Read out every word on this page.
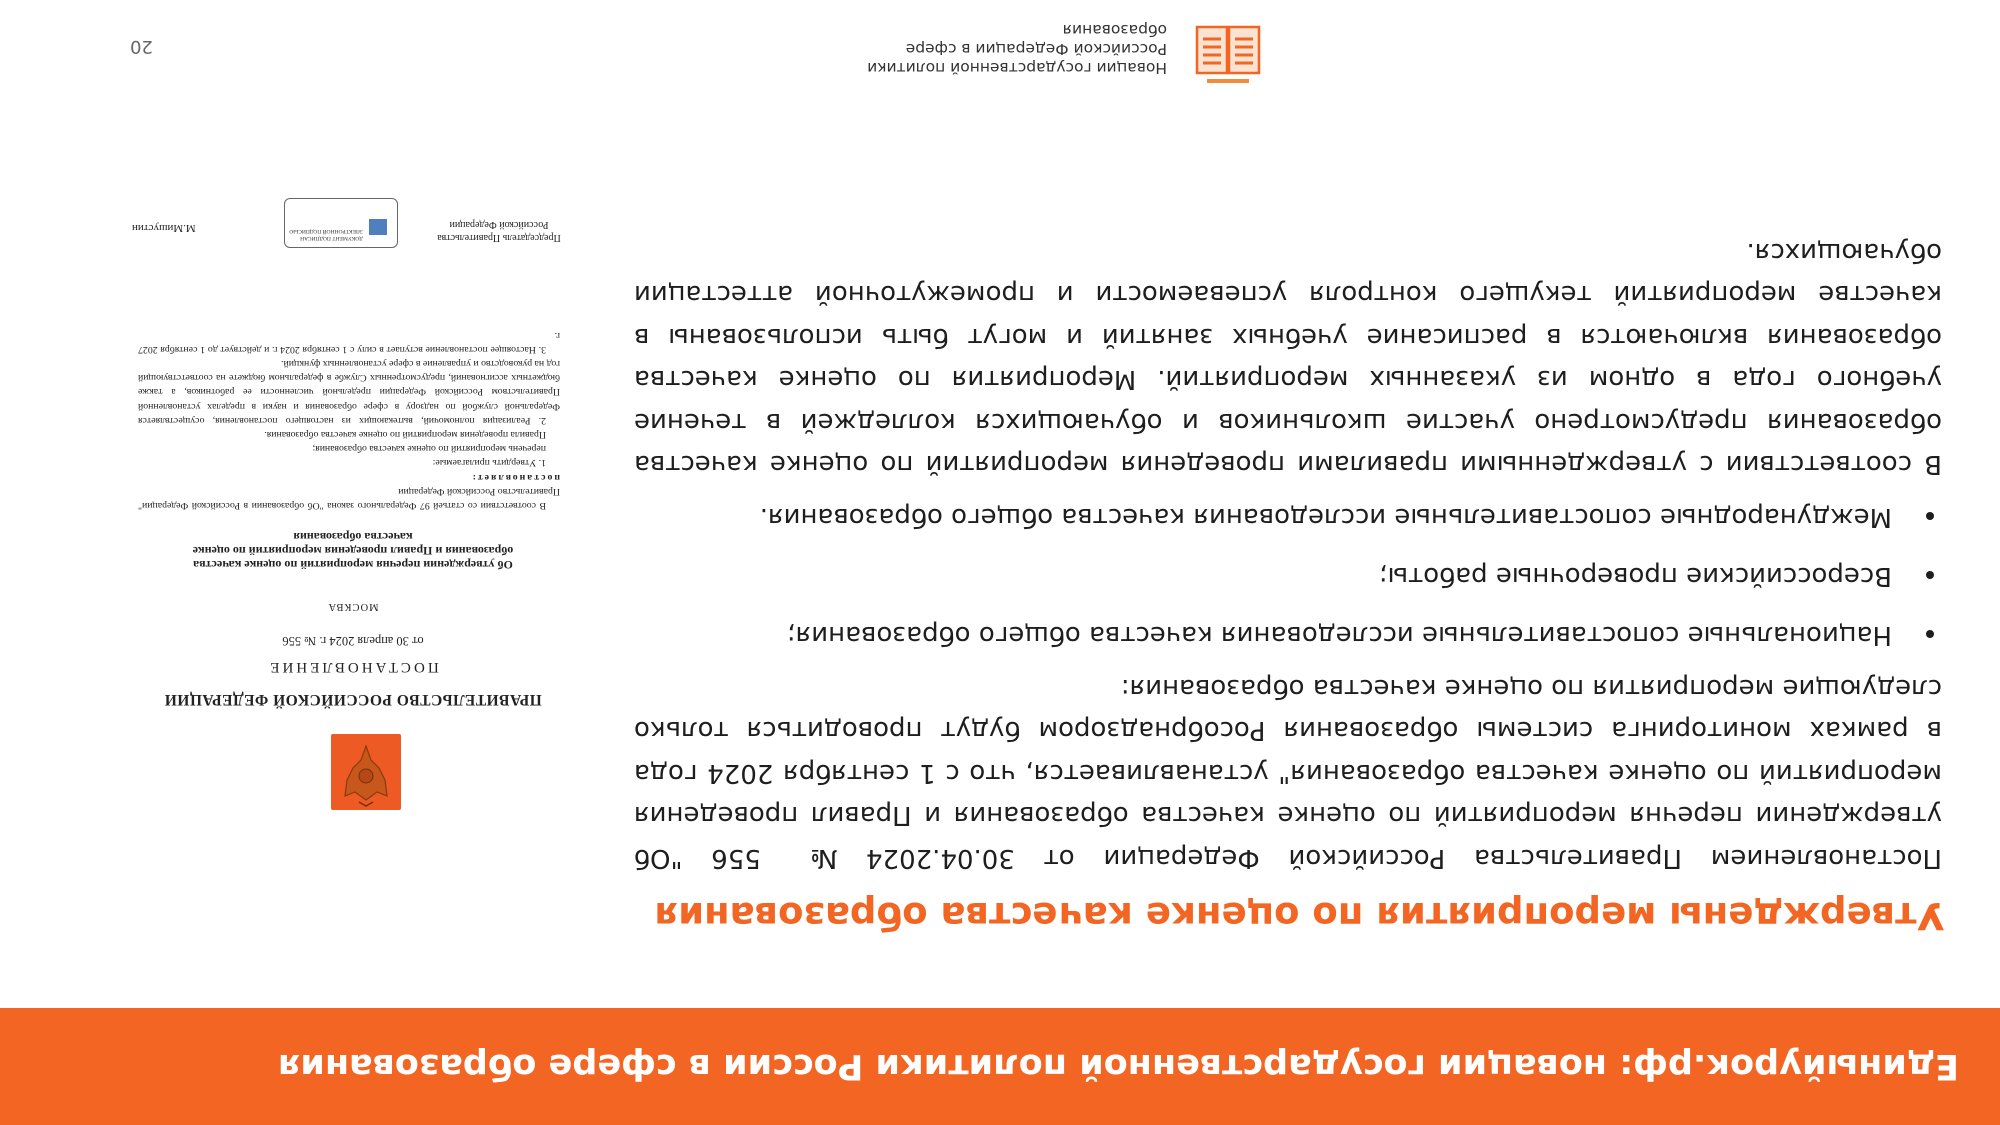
Единыйурок.рф: новации государственной политики России в сфере образования
Утверждены мероприятия по оценке качества образования

Постановлением Правительства Российской Федерации от 30.04.2024 № 556 "Об утверждении перечня мероприятий по оценке качества образования и Правил проведения мероприятий по оценке качества образования" устанавливается, что с 1 сентября 2024 года в рамках мониторинга системы образования Рособрнадзором будут проводиться только следующие мероприятия по оценке качества образования:

Национальные сопоставительные исследования качества общего образования;
Всероссийские проверочные работы;
Международные сопоставительные исследования качества общего образования.

В соответствии с утвержденными правилами проведения мероприятий по оценке качества образования предусмотрено участие школьников и обучающихся колледжей в течение учебного года в одном из указанных мероприятий. Мероприятия по оценке качества образования включаются в расписание учебных занятий и могут быть использованы в качестве мероприятий текущего контроля успеваемости и промежуточной аттестации обучающихся.

ПРАВИТЕЛЬСТВО РОССИЙСКОЙ ФЕДЕРАЦИИ
ПОСТАНОВЛЕНИЕ
от 30 апреля 2024 г. № 556
МОСКВА
Об утверждении перечня мероприятий по оценке качества образования и Правил проведения мероприятий по оценке качества образования

В соответствии со статьей 97 Федерального закона "Об образовании в Российской Федерации" Правительство Российской Федерации

постановляет:

1. Утвердить прилагаемые:

перечень мероприятий по оценке качества образования;

Правила проведения мероприятий по оценке качества образования.

2. Реализация полномочий, вытекающих из настоящего постановления, осуществляется Федеральной службой по надзору в сфере образования и науки в пределах установленной Правительством Российской Федерации предельной численности ее работников, а также бюджетных ассигнований, предусмотренных Службе в федеральном бюджете на соответствующий год на руководство и управление в сфере установленных функций.

3. Настоящее постановление вступает в силу с 1 сентября 2024 г. и действует до 1 сентября 2027 г.

Председатель Правительства Российской Федерации
ДОКУМЕНТ ПОДПИСАН ЭЛЕКТРОННОЙ ПОДПИСЬЮ
М.Мишустин
Новации государственной политики Российской Федерации в сфере образования
20
